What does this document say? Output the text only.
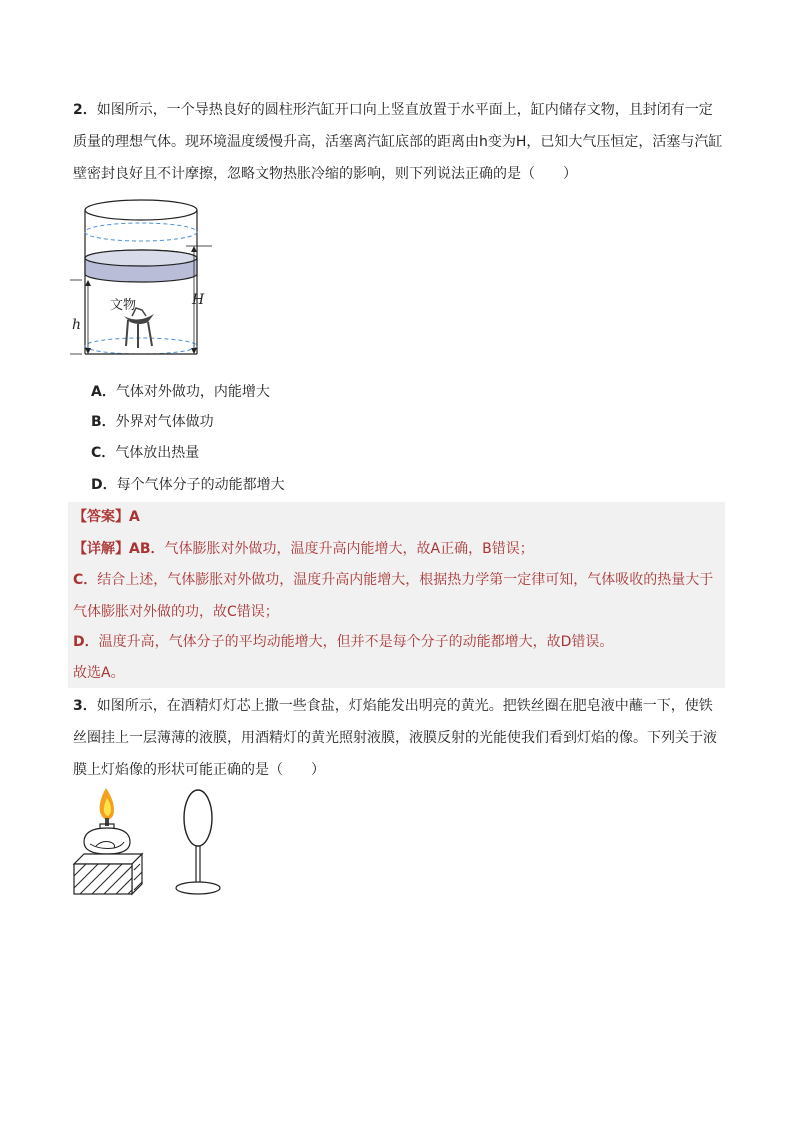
2．如图所示，一个导热良好的圆柱形汽缸开口向上竖直放置于水平面上，缸内储存文物，且封闭有一定质量的理想气体。现环境温度缓慢升高，活塞离汽缸底部的距离由h变为H，已知大气压恒定，活塞与汽缸壁密封良好且不计摩擦，忽略文物热胀冷缩的影响，则下列说法正确的是（　　）

文物
h
H
A．气体对外做功，内能增大
B．外界对气体做功
C．气体放出热量
D．每个气体分子的动能都增大
【答案】A
【详解】AB．气体膨胀对外做功，温度升高内能增大，故A正确，B错误；
C．结合上述，气体膨胀对外做功，温度升高内能增大，根据热力学第一定律可知，气体吸收的热量大于气体膨胀对外做的功，故C错误；
D．温度升高，气体分子的平均动能增大，但并不是每个分子的动能都增大，故D错误。
故选A。

3．如图所示，在酒精灯灯芯上撒一些食盐，灯焰能发出明亮的黄光。把铁丝圈在肥皂液中蘸一下，使铁丝圈挂上一层薄薄的液膜，用酒精灯的黄光照射液膜，液膜反射的光能使我们看到灯焰的像。下列关于液膜上灯焰像的形状可能正确的是（　　）
